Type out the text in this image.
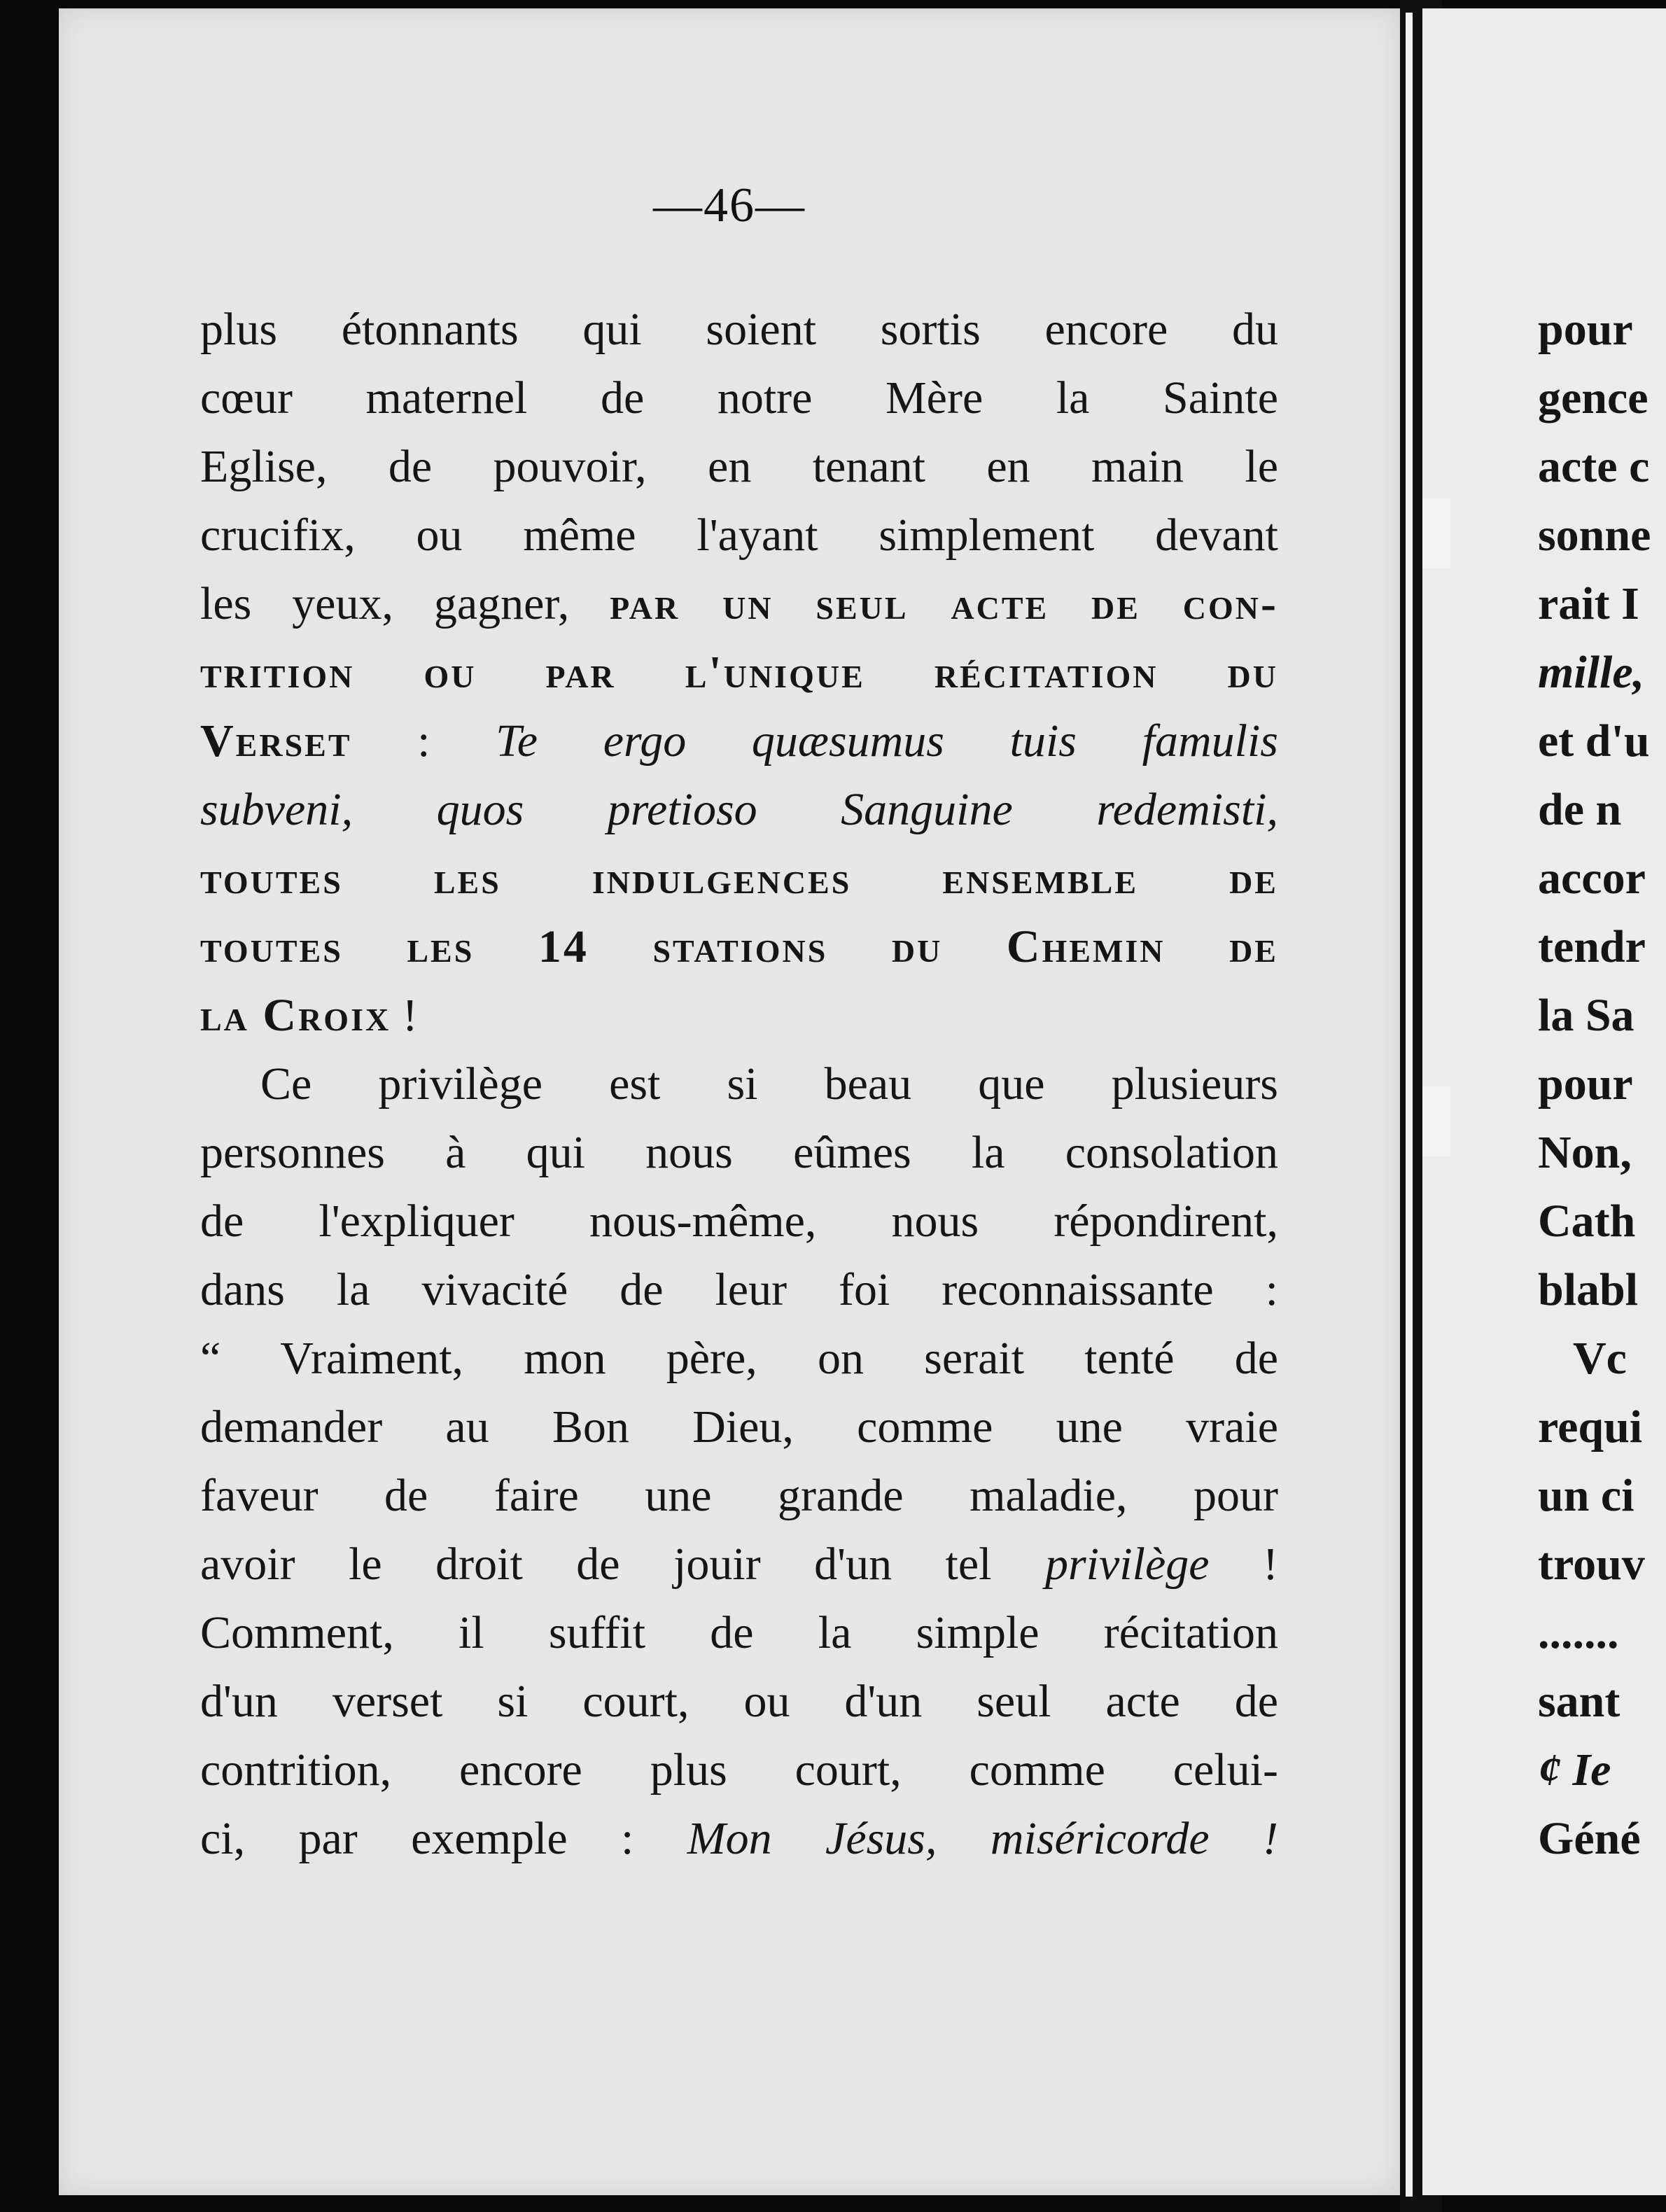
—46—
plus étonnants qui soient sortis encore du
cœur maternel de notre Mère la Sainte
Eglise, de pouvoir, en tenant en main le
crucifix, ou même l'ayant simplement devant
les yeux, gagner, par un seul acte de con-
trition ou par l'unique récitation du
Verset : Te ergo quæsumus tuis famulis
subveni, quos pretioso Sanguine redemisti,
toutes les indulgences ensemble de
toutes les 14 stations du Chemin de
la Croix !
Ce privilège est si beau que plusieurs
personnes à qui nous eûmes la consolation
de l'expliquer nous-même, nous répondirent,
dans la vivacité de leur foi reconnaissante :
“ Vraiment, mon père, on serait tenté de
demander au Bon Dieu, comme une vraie
faveur de faire une grande maladie, pour
avoir le droit de jouir d'un tel privilège !
Comment, il suffit de la simple récitation
d'un verset si court, ou d'un seul acte de
contrition, encore plus court, comme celui-
ci, par exemple : Mon Jésus, miséricorde !
pour
gence
acte c
sonne
rait I
mille,
et d'u
de n
accor
tendr
la Sa
pour
Non,
Cath
blabl
Vc
requi
un ci
trouv
.......
sant
¢ Ie
Géné
